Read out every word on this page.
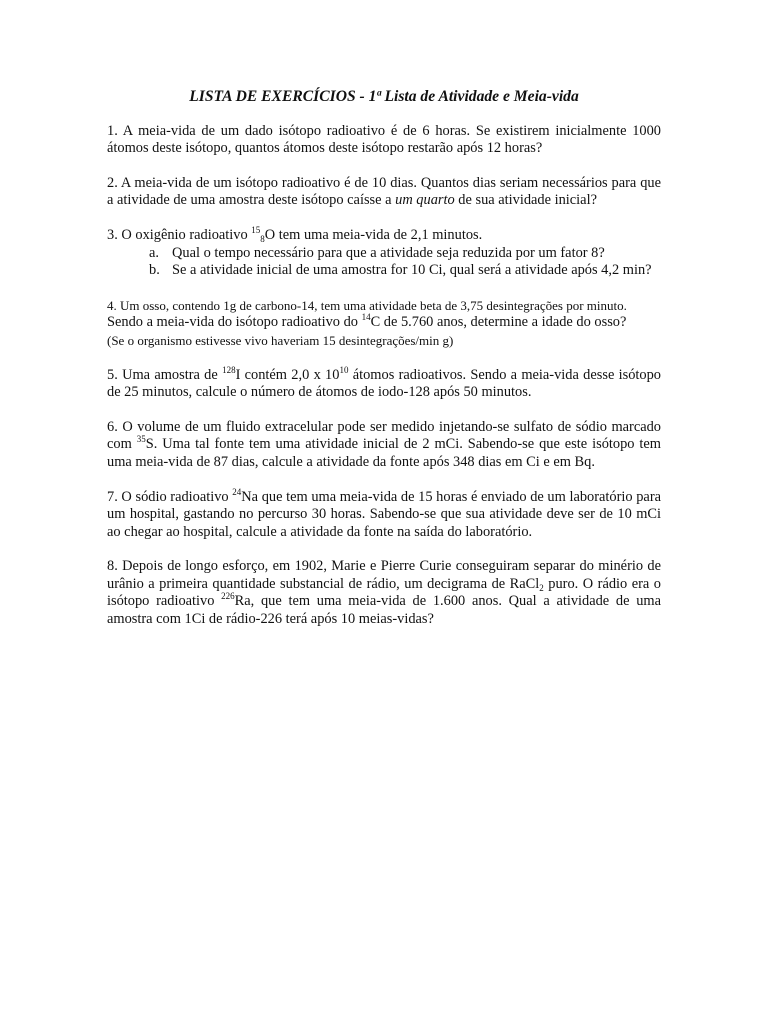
LISTA DE EXERCÍCIOS - 1ª Lista de Atividade e Meia-vida

1. A meia-vida de um dado isótopo radioativo é de 6 horas. Se existirem inicialmente 1000 átomos deste isótopo, quantos átomos deste isótopo restarão após 12 horas?

2. A meia-vida de um isótopo radioativo é de 10 dias. Quantos dias seriam necessários para que a atividade de uma amostra deste isótopo caísse a um quarto de sua atividade inicial?

3. O oxigênio radioativo $^{15}_8$O tem uma meia-vida de 2,1 minutos.
a. Qual o tempo necessário para que a atividade seja reduzida por um fator 8?
b. Se a atividade inicial de uma amostra for 10 Ci, qual será a atividade após 4,2 min?
4. Um osso, contendo 1g de carbono-14, tem uma atividade beta de 3,75 desintegrações por minuto.
Sendo a meia-vida do isótopo radioativo do $^{14}$C de 5.760 anos, determine a idade do osso?
(Se o organismo estivesse vivo haveriam 15 desintegrações/min g)

5. Uma amostra de $^{128}$I contém 2,0 x $10^{10}$ átomos radioativos. Sendo a meia-vida desse isótopo de 25 minutos, calcule o número de átomos de iodo-128 após 50 minutos.

6. O volume de um fluido extracelular pode ser medido injetando-se sulfato de sódio marcado com $^{35}$S. Uma tal fonte tem uma atividade inicial de 2 mCi. Sabendo-se que este isótopo tem uma meia-vida de 87 dias, calcule a atividade da fonte após 348 dias em Ci e em Bq.

7. O sódio radioativo $^{24}$Na que tem uma meia-vida de 15 horas é enviado de um laboratório para um hospital, gastando no percurso 30 horas. Sabendo-se que sua atividade deve ser de 10 mCi ao chegar ao hospital, calcule a atividade da fonte na saída do laboratório.

8. Depois de longo esforço, em 1902, Marie e Pierre Curie conseguiram separar do minério de urânio a primeira quantidade substancial de rádio, um decigrama de RaCl$_2$ puro. O rádio era o isótopo radioativo $^{226}$Ra, que tem uma meia-vida de 1.600 anos. Qual a atividade de uma amostra com 1Ci de rádio-226 terá após 10 meias-vidas?
